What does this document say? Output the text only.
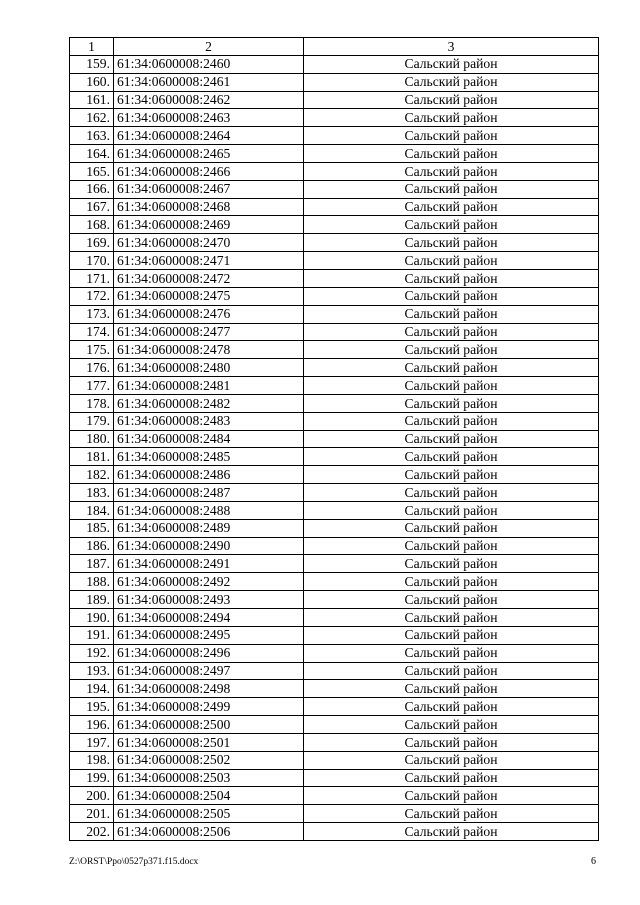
1	2	3
159.	61:34:0600008:2460	Сальский район
160.	61:34:0600008:2461	Сальский район
161.	61:34:0600008:2462	Сальский район
162.	61:34:0600008:2463	Сальский район
163.	61:34:0600008:2464	Сальский район
164.	61:34:0600008:2465	Сальский район
165.	61:34:0600008:2466	Сальский район
166.	61:34:0600008:2467	Сальский район
167.	61:34:0600008:2468	Сальский район
168.	61:34:0600008:2469	Сальский район
169.	61:34:0600008:2470	Сальский район
170.	61:34:0600008:2471	Сальский район
171.	61:34:0600008:2472	Сальский район
172.	61:34:0600008:2475	Сальский район
173.	61:34:0600008:2476	Сальский район
174.	61:34:0600008:2477	Сальский район
175.	61:34:0600008:2478	Сальский район
176.	61:34:0600008:2480	Сальский район
177.	61:34:0600008:2481	Сальский район
178.	61:34:0600008:2482	Сальский район
179.	61:34:0600008:2483	Сальский район
180.	61:34:0600008:2484	Сальский район
181.	61:34:0600008:2485	Сальский район
182.	61:34:0600008:2486	Сальский район
183.	61:34:0600008:2487	Сальский район
184.	61:34:0600008:2488	Сальский район
185.	61:34:0600008:2489	Сальский район
186.	61:34:0600008:2490	Сальский район
187.	61:34:0600008:2491	Сальский район
188.	61:34:0600008:2492	Сальский район
189.	61:34:0600008:2493	Сальский район
190.	61:34:0600008:2494	Сальский район
191.	61:34:0600008:2495	Сальский район
192.	61:34:0600008:2496	Сальский район
193.	61:34:0600008:2497	Сальский район
194.	61:34:0600008:2498	Сальский район
195.	61:34:0600008:2499	Сальский район
196.	61:34:0600008:2500	Сальский район
197.	61:34:0600008:2501	Сальский район
198.	61:34:0600008:2502	Сальский район
199.	61:34:0600008:2503	Сальский район
200.	61:34:0600008:2504	Сальский район
201.	61:34:0600008:2505	Сальский район
202.	61:34:0600008:2506	Сальский район
Z:\ORST\Ppo\0527p371.f15.docx	6
